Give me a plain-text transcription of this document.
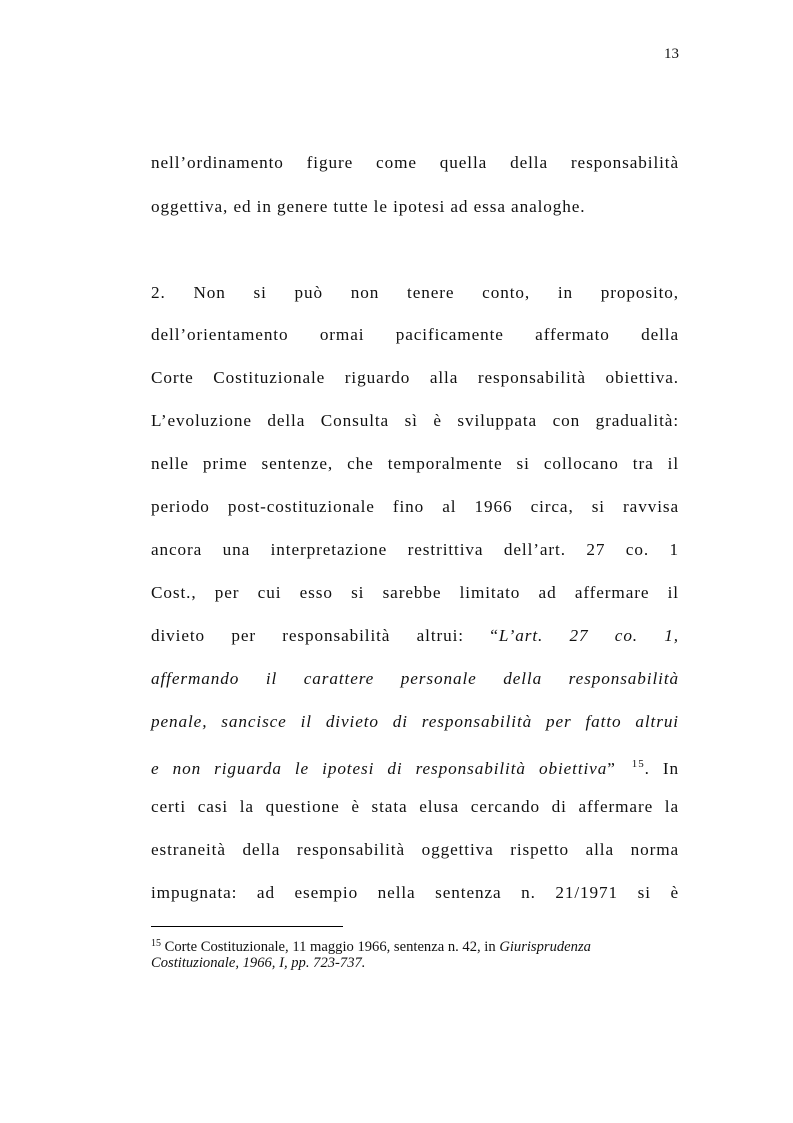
13
nell’ordinamento figure come quella della responsabilità
oggettiva, ed in genere tutte le ipotesi ad essa analoghe.
2. Non si può non tenere conto, in proposito,
dell’orientamento ormai pacificamente affermato della
Corte Costituzionale riguardo alla responsabilità obiettiva.
L’evoluzione della Consulta sì è sviluppata con gradualità:
nelle prime sentenze, che temporalmente si collocano tra il
periodo post-costituzionale fino al 1966 circa, si ravvisa
ancora una interpretazione restrittiva dell’art. 27 co. 1
Cost., per cui esso si sarebbe limitato ad affermare il
divieto per responsabilità altrui: “L’art. 27 co. 1,
affermando il carattere personale della responsabilità
penale, sancisce il divieto di responsabilità per fatto altrui
e non riguarda le ipotesi di responsabilità obiettiva” $^{15}$. In
certi casi la questione è stata elusa cercando di affermare la
estraneità della responsabilità oggettiva rispetto alla norma
impugnata: ad esempio nella sentenza n. 21/1971 si è
$^{15}$ Corte Costituzionale, 11 maggio 1966, sentenza n. 42, in Giurisprudenza
Costituzionale, 1966, I, pp. 723-737.
